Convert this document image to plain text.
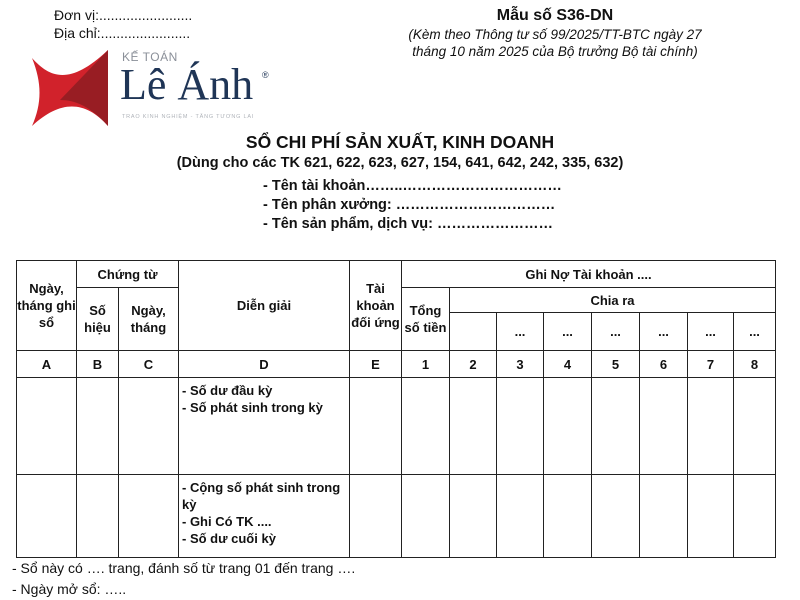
Đơn vị:........................
Địa chỉ:.......................
Mẫu số S36-DN
(Kèm theo Thông tư số 99/2025/TT-BTC ngày 27
tháng 10 năm 2025 của Bộ trưởng Bộ tài chính)
KẾ TOÁN
Lê Ánh ®
TRAO KINH NGHIỆM - TĂNG TƯƠNG LAI
SỔ CHI PHÍ SẢN XUẤT, KINH DOANH
(Dùng cho các TK 621, 622, 623, 627, 154, 641, 642, 242, 335, 632)
- Tên tài khoản……..……………………………
- Tên phân xưởng: ……………………………
- Tên sản phẩm, dịch vụ: ……………………
Ngày, tháng ghi sổ	Chứng từ		Diễn giải	Tài khoản đối ứng	Ghi Nợ Tài khoản ....							
	Số hiệu	Ngày, tháng			Tổng số tiền	Chia ra						
							...	...	...	...	...	...
A	B	C	D	E	1	2	3	4	5	6	7	8

			- Số dư đầu kỳ
- Số phát sinh trong kỳ									

			- Cộng số phát sinh trong kỳ
- Ghi Có TK ....
- Số dư cuối kỳ									

- Sổ này có …. trang, đánh số từ trang 01 đến trang ….
- Ngày mở sổ: …..
